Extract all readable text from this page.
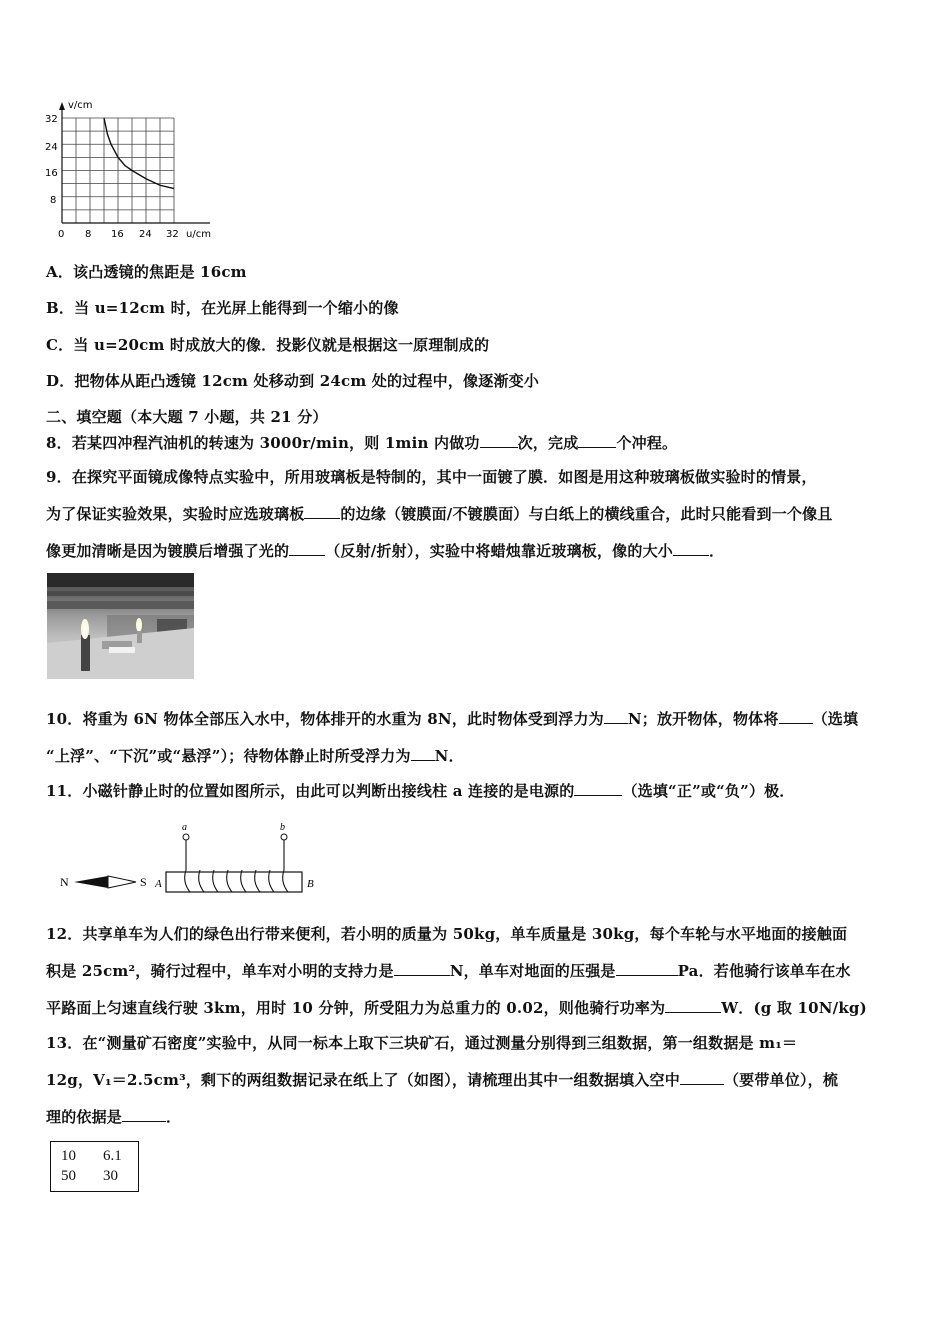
v/cm
32
24
16
8
0 8 16 24 32 u/cm
A．该凸透镜的焦距是 16cm
B．当 u=12cm 时，在光屏上能得到一个缩小的像
C．当 u=20cm 时成放大的像．投影仪就是根据这一原理制成的
D．把物体从距凸透镜 12cm 处移动到 24cm 处的过程中，像逐渐变小
二、填空题（本大题 7 小题，共 21 分）
8．若某四冲程汽油机的转速为 3000r/min，则 1min 内做功	次，完成	个冲程。
9．在探究平面镜成像特点实验中，所用玻璃板是特制的，其中一面镀了膜．如图是用这种玻璃板做实验时的情景，
为了保证实验效果，实验时应选玻璃板 的边缘（镀膜面/不镀膜面）与白纸上的横线重合，此时只能看到一个像且
像更加清晰是因为镀膜后增强了光的 （反射/折射），实验中将蜡烛靠近玻璃板，像的大小 ．
10．将重为 6N 物体全部压入水中，物体排开的水重为 8N，此时物体受到浮力为 N；放开物体，物体将 （选填
“上浮”、“下沉”或“悬浮”）；待物体静止时所受浮力为 N．
11．小磁针静止时的位置如图所示，由此可以判断出接线柱 a 连接的是电源的	（选填“正”或“负”）极．
N	S A
a	b
B
12．共享单车为人们的绿色出行带来便利，若小明的质量为 50kg，单车质量是 30kg，每个车轮与水平地面的接触面
积是 25cm²，骑行过程中，单车对小明的支持力是	N，单车对地面的压强是	Pa．若他骑行该单车在水
平路面上匀速直线行驶 3km，用时 10 分钟，所受阻力为总重力的 0.02，则他骑行功率为	W．(g 取 10N/kg)
13．在“测量矿石密度”实验中，从同一标本上取下三块矿石，通过测量分别得到三组数据，第一组数据是 m₁＝
12g，V₁＝2.5cm³，剩下的两组数据记录在纸上了（如图），请梳理出其中一组数据填入空中	（要带单位），梳
理的依据是	．
10 6.1
50 30
